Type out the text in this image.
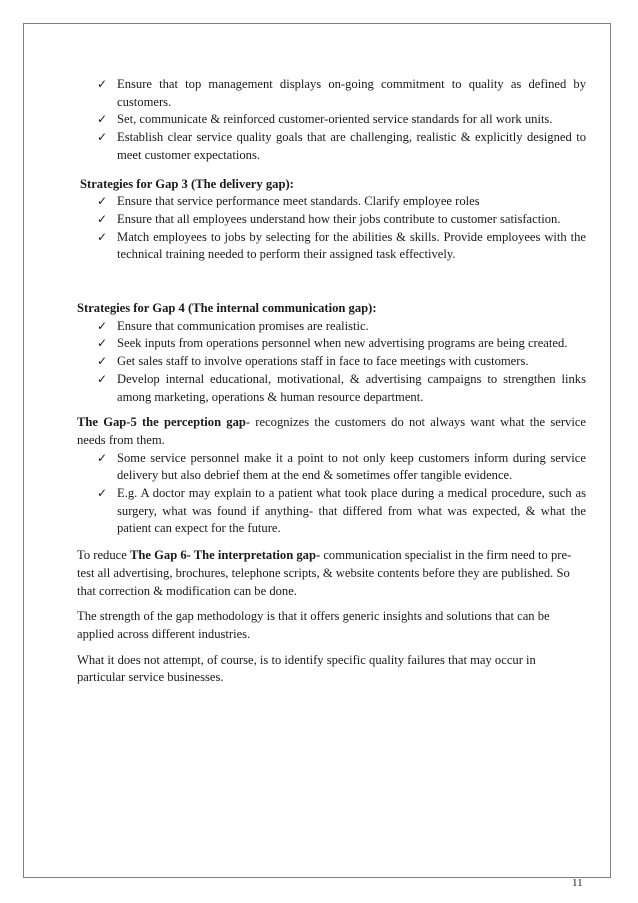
✓ Ensure that top management displays on-going commitment to quality as defined by customers.
✓ Set, communicate & reinforced customer-oriented service standards for all work units.
✓ Establish clear service quality goals that are challenging, realistic & explicitly designed to meet customer expectations.

Strategies for Gap 3 (The delivery gap):

✓ Ensure that service performance meet standards. Clarify employee roles
✓ Ensure that all employees understand how their jobs contribute to customer satisfaction.
✓ Match employees to jobs by selecting for the abilities & skills. Provide employees with the technical training needed to perform their assigned task effectively.

Strategies for Gap 4 (The internal communication gap):

✓ Ensure that communication promises are realistic.
✓ Seek inputs from operations personnel when new advertising programs are being created.
✓ Get sales staff to involve operations staff in face to face meetings with customers.
✓ Develop internal educational, motivational, & advertising campaigns to strengthen links among marketing, operations & human resource department.

The Gap-5 the perception gap- recognizes the customers do not always want what the service needs from them.

✓ Some service personnel make it a point to not only keep customers inform during service delivery but also debrief them at the end & sometimes offer tangible evidence.
✓ E.g. A doctor may explain to a patient what took place during a medical procedure, such as surgery, what was found if anything- that differed from what was expected, & what the patient can expect for the future.

To reduce The Gap 6- The interpretation gap- communication specialist in the firm need to pre-test all advertising, brochures, telephone scripts, & website contents before they are published. So that correction & modification can be done.

The strength of the gap methodology is that it offers generic insights and solutions that can be applied across different industries.

What it does not attempt, of course, is to identify specific quality failures that may occur in particular service businesses.

11
